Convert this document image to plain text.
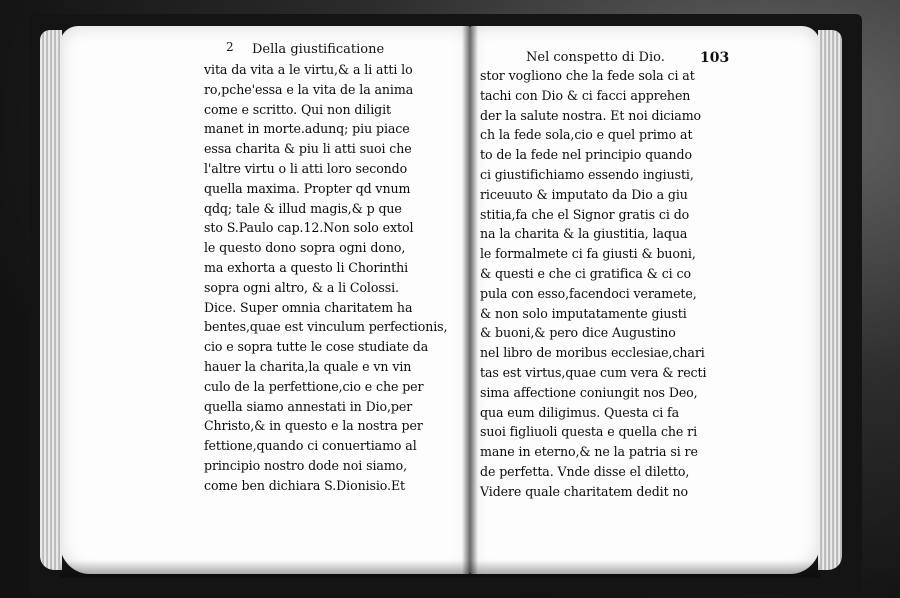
2 Della giustificatione
vita da vita a le virtu,& a li atti lo
ro,pche'essa e la vita de la anima
come e scritto. Qui non diligit
manet in morte.adunq; piu piace
essa charita & piu li atti suoi che
l'altre virtu o li atti loro secondo
quella maxima. Propter qd vnum
qdq; tale & illud magis,& p que
sto S.Paulo cap.12.Non solo extol
le questo dono sopra ogni dono,
ma exhorta a questo li Chorinthi
sopra ogni altro, & a li Colossi.
Dice. Super omnia charitatem ha
bentes,quae est vinculum perfectionis,
cio e sopra tutte le cose studiate da
hauer la charita,la quale e vn vin
culo de la perfettione,cio e che per
quella siamo annestati in Dio,per
Christo,& in questo e la nostra per
fettione,quando ci conuertiamo al
principio nostro dode noi siamo,
come ben dichiara S.Dionisio.Et
Nel conspetto di Dio.	103
stor vogliono che la fede sola ci at
tachi con Dio & ci facci apprehen
der la salute nostra. Et noi diciamo
ch la fede sola,cio e quel primo at
to de la fede nel principio quando
ci giustifichiamo essendo ingiusti,
riceuuto & imputato da Dio a giu
stitia,fa che el Signor gratis ci do
na la charita & la giustitia, laqua
le formalmete ci fa giusti & buoni,
& questi e che ci gratifica & ci co
pula con esso,facendoci veramete,
& non solo imputatamente giusti
& buoni,& pero dice Augustino
nel libro de moribus ecclesiae,chari
tas est virtus,quae cum vera & recti
sima affectione coniungit nos Deo,
qua eum diligimus. Questa ci fa
suoi figliuoli questa e quella che ri
mane in eterno,& ne la patria si re
de perfetta. Vnde disse el diletto,
Videre quale charitatem dedit no
